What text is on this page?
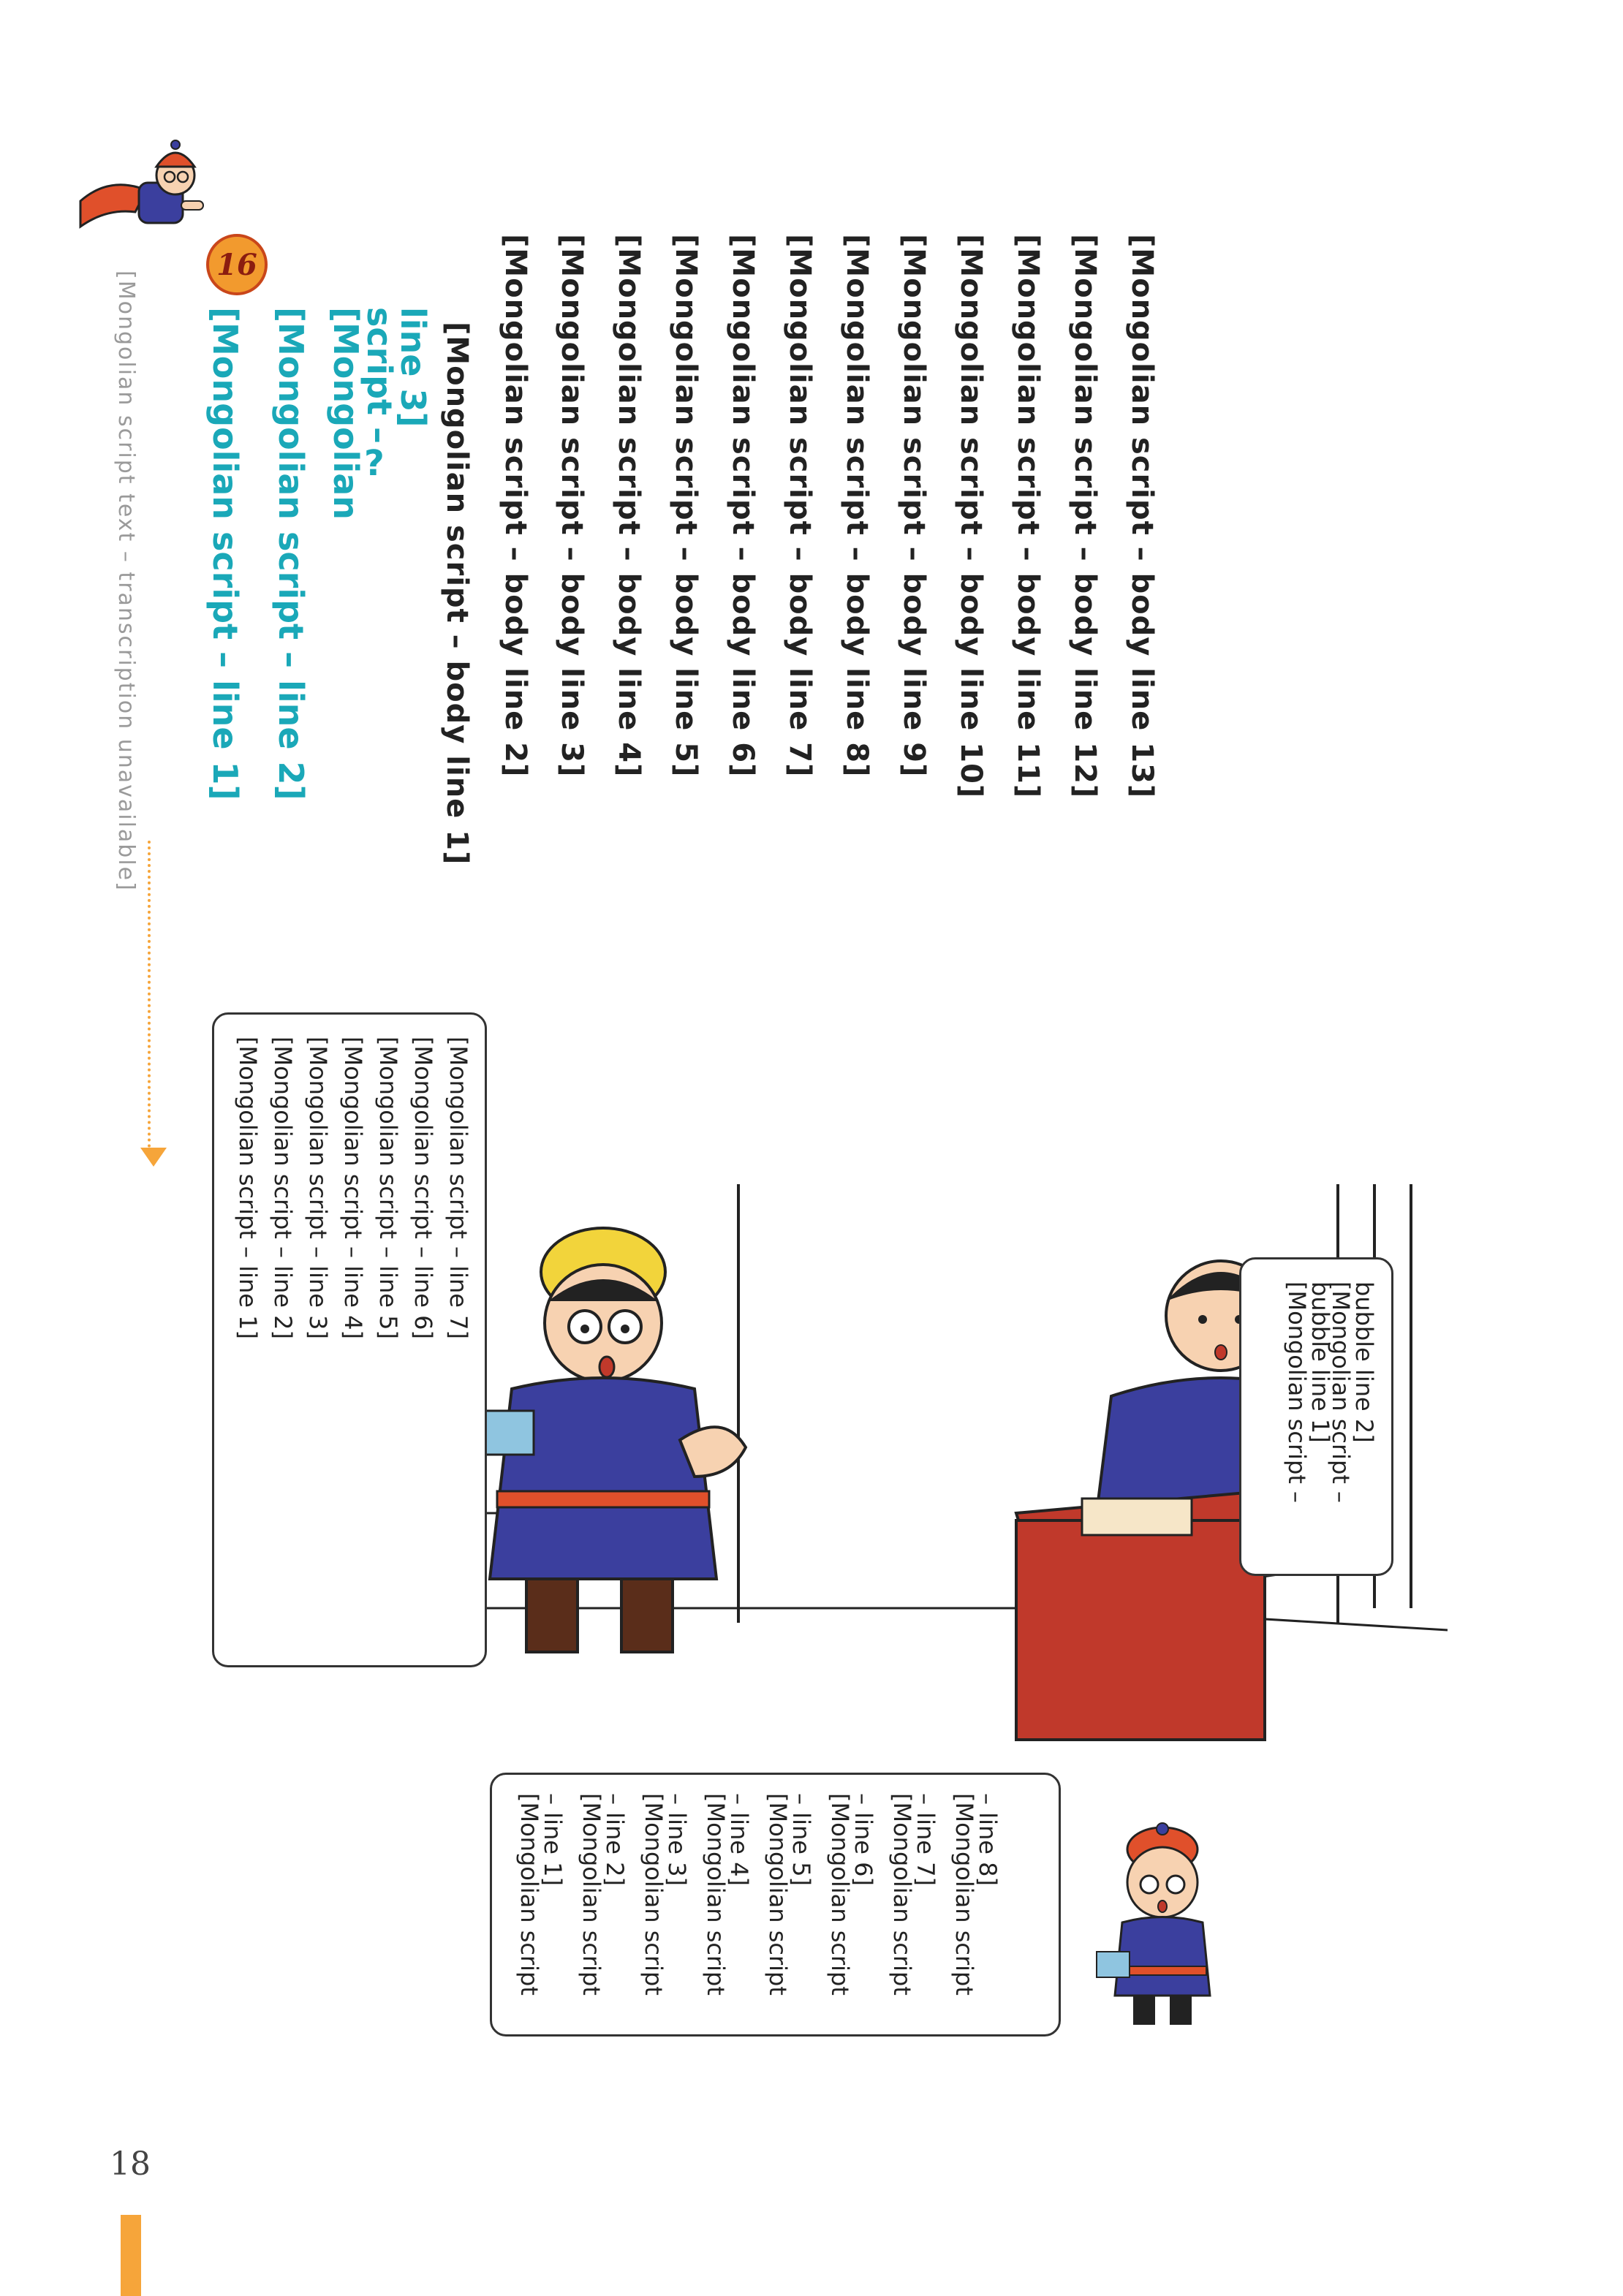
[Mongolian script text – transcription unavailable]
16
[Mongolian script – line 1] [Mongolian script – line 2] [Mongolian script – line 3]
? [Mongolian script – body line 1] [Mongolian script – body line 2] [Mongolian script – body line 3] [Mongolian script – body line 4] [Mongolian script – body line 5] [Mongolian script – body line 6] [Mongolian script – body line 7] [Mongolian script – body line 8] [Mongolian script – body line 9] [Mongolian script – body line 10] [Mongolian script – body line 11] [Mongolian script – body line 12] [Mongolian script – body line 13]
[Mongolian script – bubble line 1]
[Mongolian script – bubble line 2]
[Mongolian script – line 1] [Mongolian script – line 2] [Mongolian script – line 3] [Mongolian script – line 4] [Mongolian script – line 5] [Mongolian script – line 6] [Mongolian script – line 7]
[Mongolian script – line 1] [Mongolian script – line 2] [Mongolian script – line 3] [Mongolian script – line 4] [Mongolian script – line 5] [Mongolian script – line 6] [Mongolian script – line 7] [Mongolian script – line 8]
18
